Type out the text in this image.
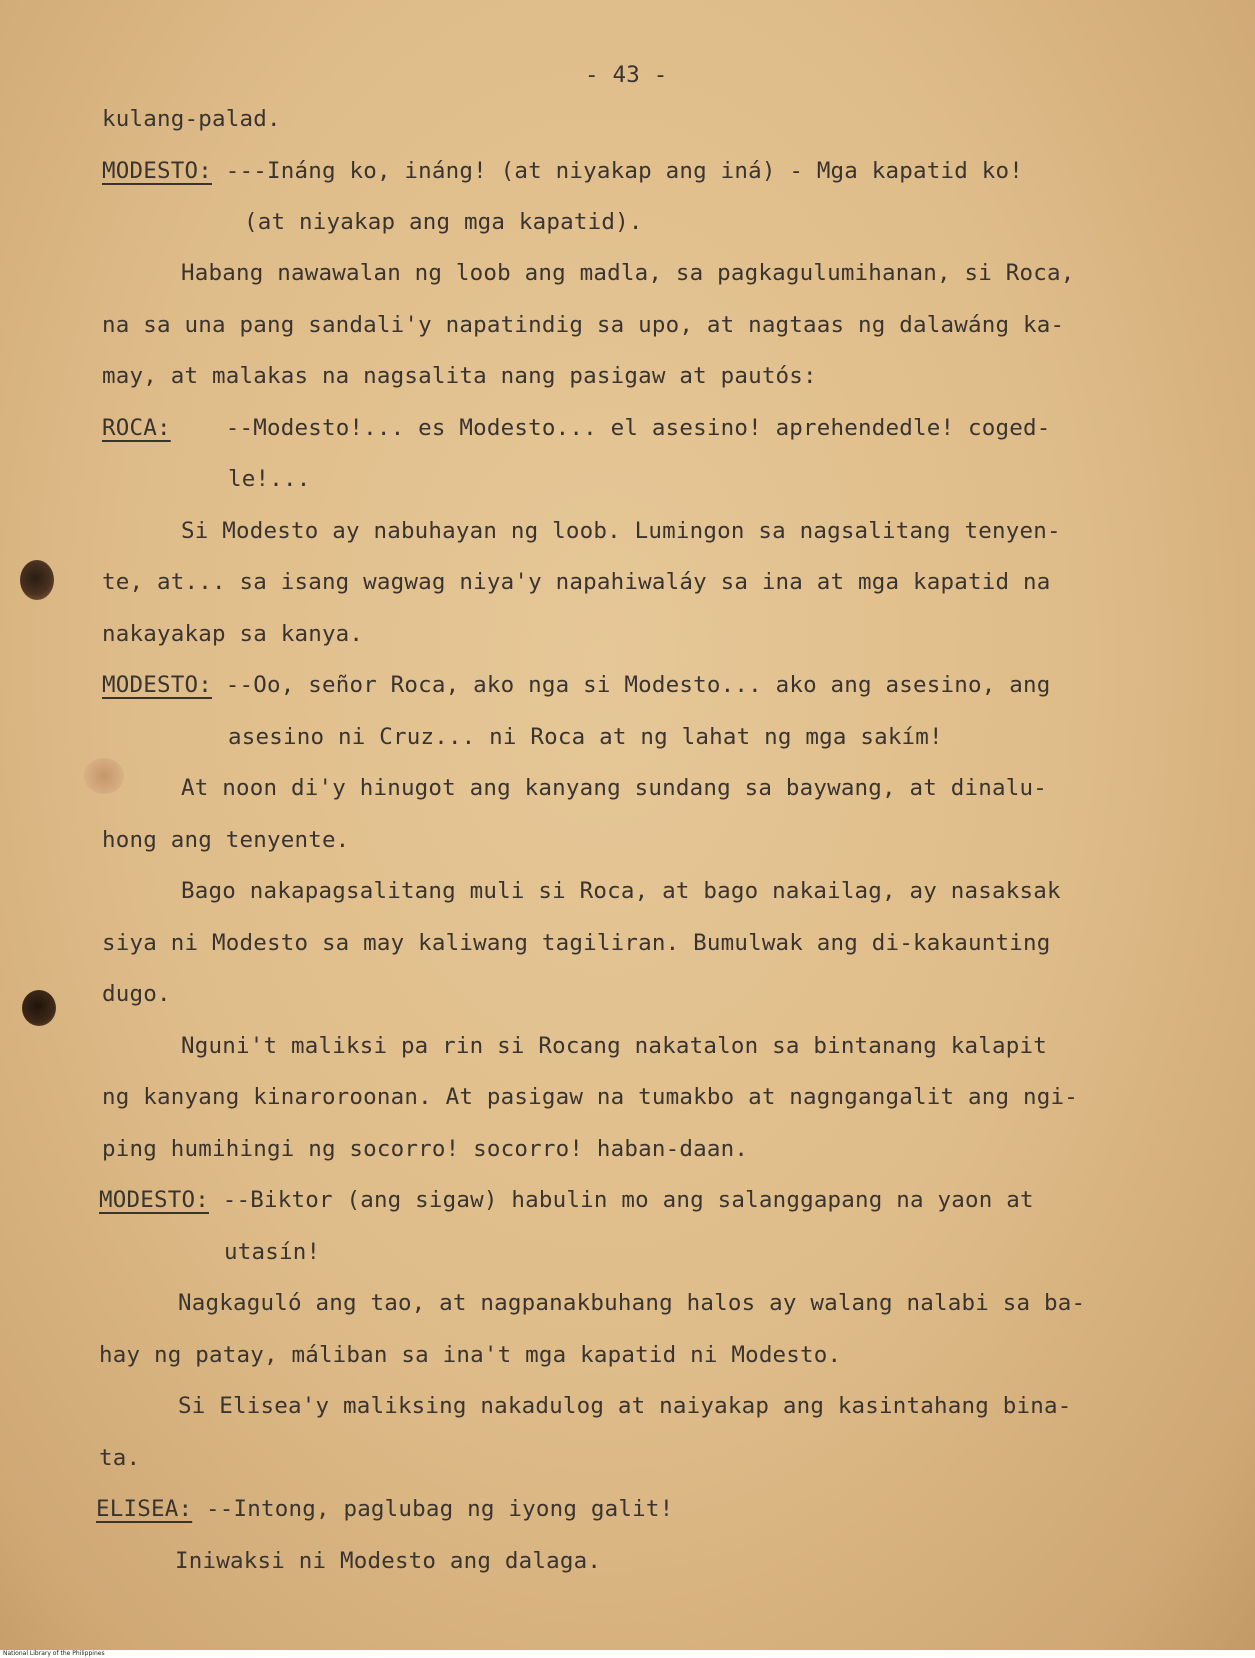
- 43 -
kulang-palad.
MODESTO: ---Ináng ko, ináng! (at niyakap ang iná) - Mga kapatid ko!
(at niyakap ang mga kapatid).
Habang nawawalan ng loob ang madla, sa pagkagulumihanan, si Roca,
na sa una pang sandali'y napatindig sa upo, at nagtaas ng dalawáng ka-
may, at malakas na nagsalita nang pasigaw at pautós:
ROCA:    --Modesto!... es Modesto... el asesino! aprehendedle! coged-
le!...
Si Modesto ay nabuhayan ng loob. Lumingon sa nagsalitang tenyen-
te, at... sa isang wagwag niya'y napahiwaláy sa ina at mga kapatid na
nakayakap sa kanya.
MODESTO: --Oo, señor Roca, ako nga si Modesto... ako ang asesino, ang
asesino ni Cruz... ni Roca at ng lahat ng mga sakím!
At noon di'y hinugot ang kanyang sundang sa baywang, at dinalu-
hong ang tenyente.
Bago nakapagsalitang muli si Roca, at bago nakailag, ay nasaksak
siya ni Modesto sa may kaliwang tagiliran. Bumulwak ang di-kakaunting
dugo.
Nguni't maliksi pa rin si Rocang nakatalon sa bintanang kalapit
ng kanyang kinaroroonan. At pasigaw na tumakbo at nagngangalit ang ngi-
ping humihingi ng socorro! socorro! haban-daan.
MODESTO: --Biktor (ang sigaw) habulin mo ang salanggapang na yaon at
utasín!
Nagkaguló ang tao, at nagpanakbuhang halos ay walang nalabi sa ba-
hay ng patay, máliban sa ina't mga kapatid ni Modesto.
Si Elisea'y maliksing nakadulog at naiyakap ang kasintahang bina-
ta.
ELISEA: --Intong, paglubag ng iyong galit!
Iniwaksi ni Modesto ang dalaga.
National Library of the Philippines
